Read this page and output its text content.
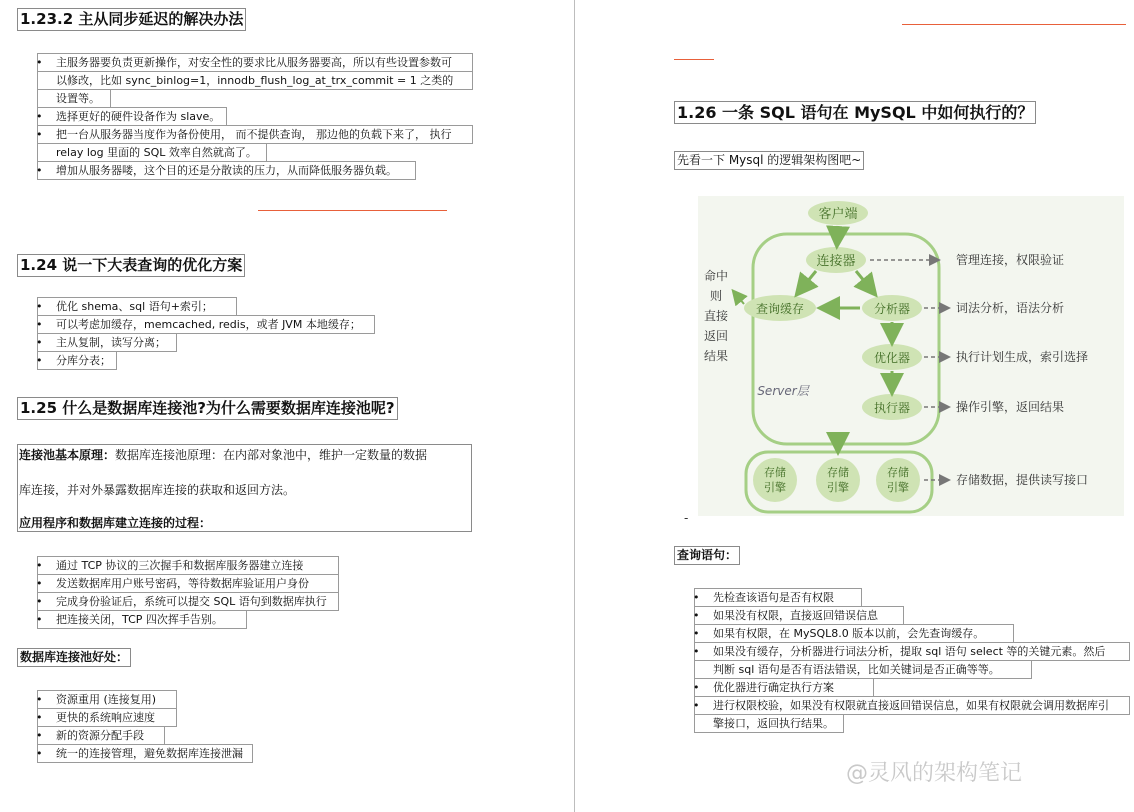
1.23.2 主从同步延迟的解决办法
• 主服务器要负责更新操作，对安全性的要求比从服务器要高，所以有些设置参数可
以修改，比如 sync_binlog=1，innodb_flush_log_at_trx_commit = 1 之类的
设置等。
• 选择更好的硬件设备作为 slave。
• 把一台从服务器当度作为备份使用， 而不提供查询， 那边他的负载下来了， 执行
relay log 里面的 SQL 效率自然就高了。
• 增加从服务器喽，这个目的还是分散读的压力，从而降低服务器负载。
1.24 说一下大表查询的优化方案
• 优化 shema、sql 语句+索引；
• 可以考虑加缓存，memcached, redis，或者 JVM 本地缓存；
• 主从复制，读写分离；
• 分库分表；
1.25 什么是数据库连接池?为什么需要数据库连接池呢?
连接池基本原理：数据库连接池原理：在内部对象池中，维护一定数量的数据
库连接，并对外暴露数据库连接的获取和返回方法。
应用程序和数据库建立连接的过程：
• 通过 TCP 协议的三次握手和数据库服务器建立连接
• 发送数据库用户账号密码，等待数据库验证用户身份
• 完成身份验证后，系统可以提交 SQL 语句到数据库执行
• 把连接关闭，TCP 四次挥手告别。
数据库连接池好处：
• 资源重用 (连接复用)
• 更快的系统响应速度
• 新的资源分配手段
• 统一的连接管理，避免数据库连接泄漏
1.26 一条 SQL 语句在 MySQL 中如何执行的？
先看一下 Mysql 的逻辑架构图吧~
客户端
连接器
查询缓存	分析器
优化器
执行器
Server层
存储
引擎
存储
引擎
存储
引擎
管理连接，权限验证
词法分析，语法分析
执行计划生成，索引选择
操作引擎，返回结果
存储数据，提供读写接口
命中
则
直接
返回
结果
-
查询语句：
• 先检查该语句是否有权限
• 如果没有权限，直接返回错误信息
• 如果有权限，在 MySQL8.0 版本以前，会先查询缓存。
• 如果没有缓存，分析器进行词法分析，提取 sql 语句 select 等的关键元素。然后
判断 sql 语句是否有语法错误，比如关键词是否正确等等。
• 优化器进行确定执行方案
• 进行权限校验，如果没有权限就直接返回错误信息，如果有权限就会调用数据库引
擎接口，返回执行结果。
@灵风的架构笔记
